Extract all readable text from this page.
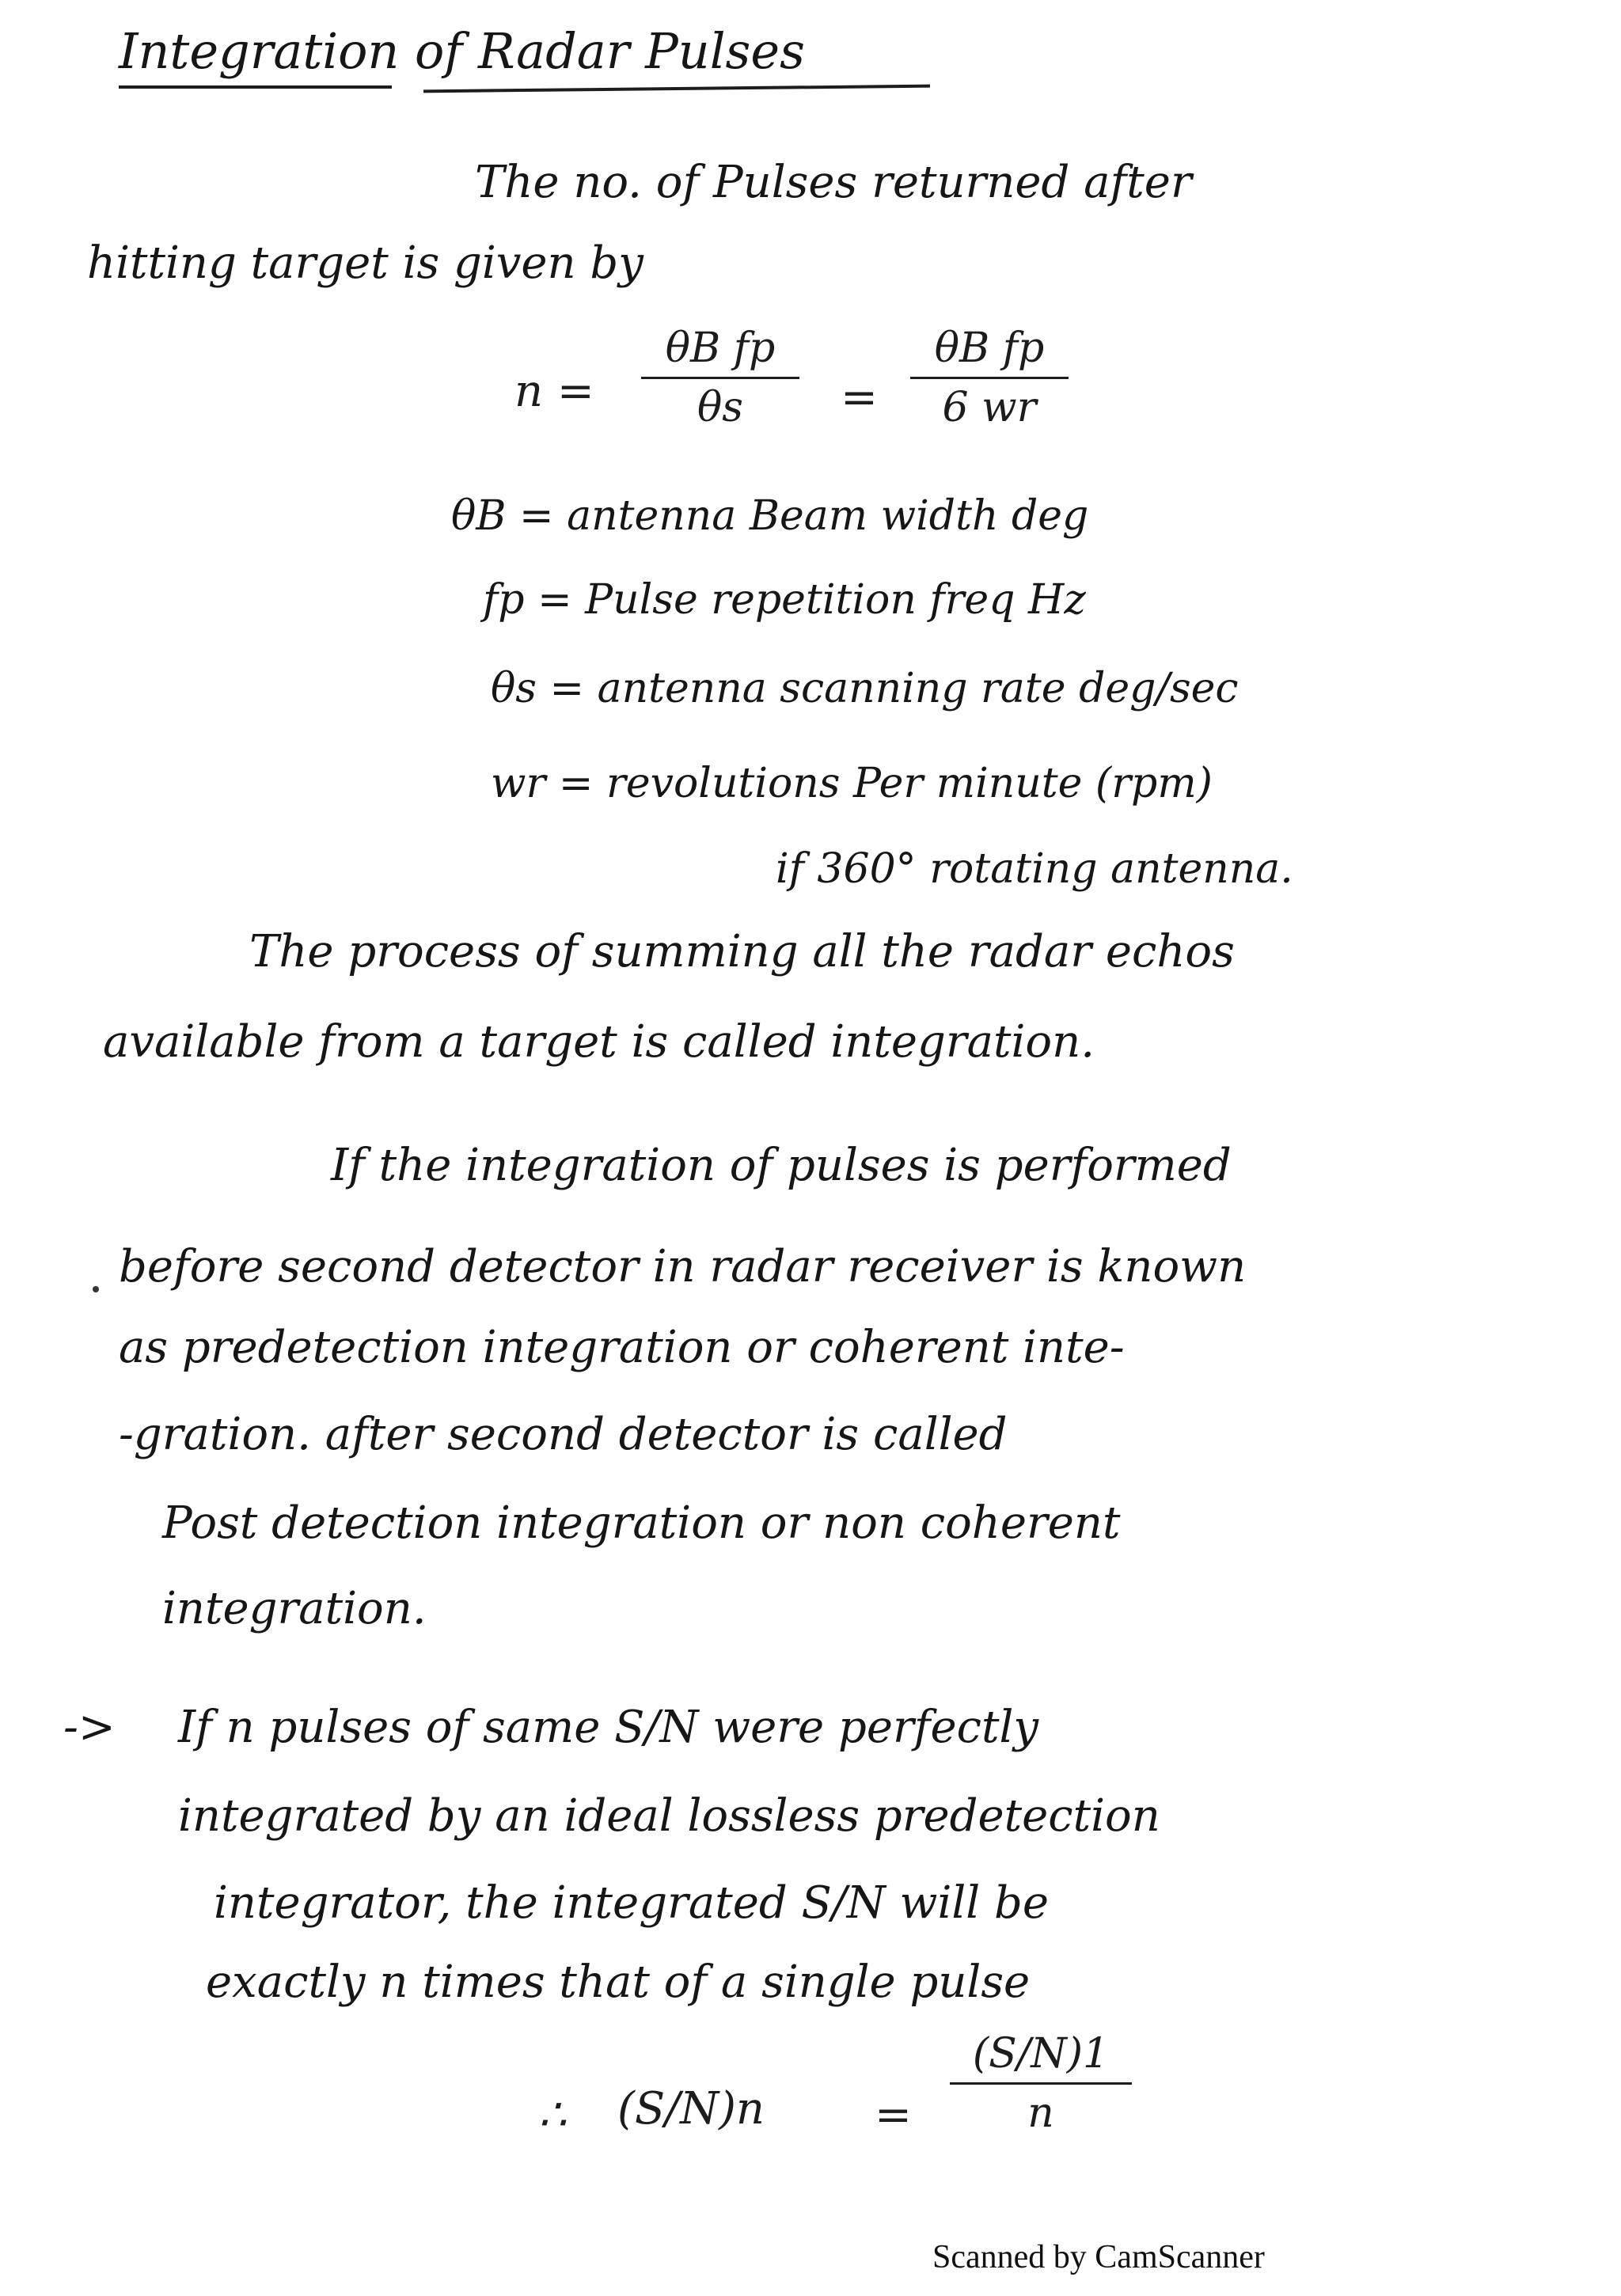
Integration of Radar Pulses
The no. of Pulses returned after
hitting target is given by
n =
θB fp
θs =
θB fp
6 wr
θB = antenna Beam width deg
fp = Pulse repetition freq Hz
θs = antenna scanning rate deg/sec
wr = revolutions Per minute (rpm)
if 360° rotating antenna.
The process of summing all the radar echos
available from a target is called integration.
If the integration of pulses is performed
before second detector in radar receiver is known
as predetection integration or coherent inte-
-gration. after second detector is called
Post detection integration or non coherent
integration.
-> If n pulses of same S/N were perfectly
integrated by an ideal lossless predetection
integrator, the integrated S/N will be
exactly n times that of a single pulse
∴ (S/N)n =
(S/N)1
n
Scanned by CamScanner
